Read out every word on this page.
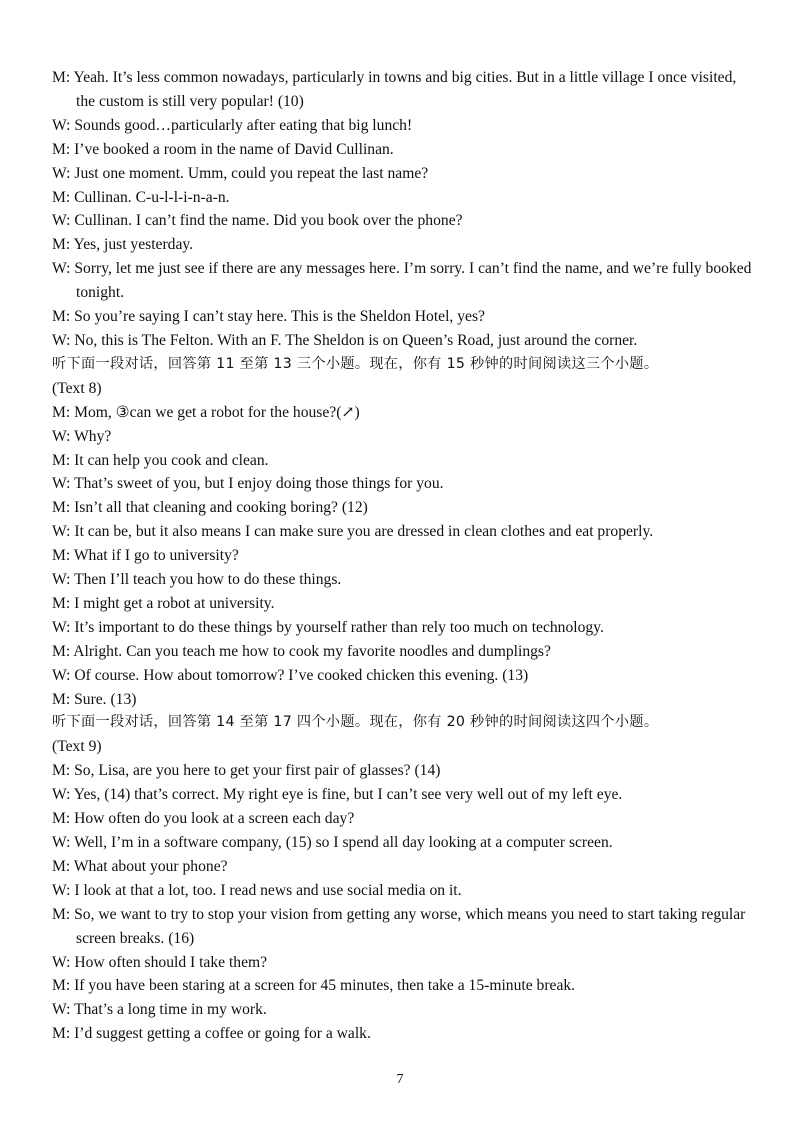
M: Yeah. It’s less common nowadays, particularly in towns and big cities. But in a little village I once visited, the custom is still very popular! (10)

W: Sounds good…particularly after eating that big lunch!

M: I’ve booked a room in the name of David Cullinan.

W: Just one moment. Umm, could you repeat the last name?

M: Cullinan. C-u-l-l-i-n-a-n.

W: Cullinan. I can’t find the name. Did you book over the phone?

M: Yes, just yesterday.

W: Sorry, let me just see if there are any messages here. I’m sorry. I can’t find the name, and we’re fully booked tonight.

M: So you’re saying I can’t stay here. This is the Sheldon Hotel, yes?

W: No, this is The Felton. With an F. The Sheldon is on Queen’s Road, just around the corner.

听下面一段对话，回答第 11 至第 13 三个小题。现在，你有 15 秒钟的时间阅读这三个小题。

(Text 8)

M: Mom, ③can we get a robot for the house?(↗)

W: Why?

M: It can help you cook and clean.

W: That’s sweet of you, but I enjoy doing those things for you.

M: Isn’t all that cleaning and cooking boring? (12)

W: It can be, but it also means I can make sure you are dressed in clean clothes and eat properly.

M: What if I go to university?

W: Then I’ll teach you how to do these things.

M: I might get a robot at university.

W: It’s important to do these things by yourself rather than rely too much on technology.

M: Alright. Can you teach me how to cook my favorite noodles and dumplings?

W: Of course. How about tomorrow? I’ve cooked chicken this evening. (13)

M: Sure. (13)

听下面一段对话，回答第 14 至第 17 四个小题。现在，你有 20 秒钟的时间阅读这四个小题。

(Text 9)

M: So, Lisa, are you here to get your first pair of glasses? (14)

W: Yes, (14) that’s correct. My right eye is fine, but I can’t see very well out of my left eye.

M: How often do you look at a screen each day?

W: Well, I’m in a software company, (15) so I spend all day looking at a computer screen.

M: What about your phone?

W: I look at that a lot, too. I read news and use social media on it.

M: So, we want to try to stop your vision from getting any worse, which means you need to start taking regular screen breaks. (16)

W: How often should I take them?

M: If you have been staring at a screen for 45 minutes, then take a 15-minute break.

W: That’s a long time in my work.

M: I’d suggest getting a coffee or going for a walk.

7
